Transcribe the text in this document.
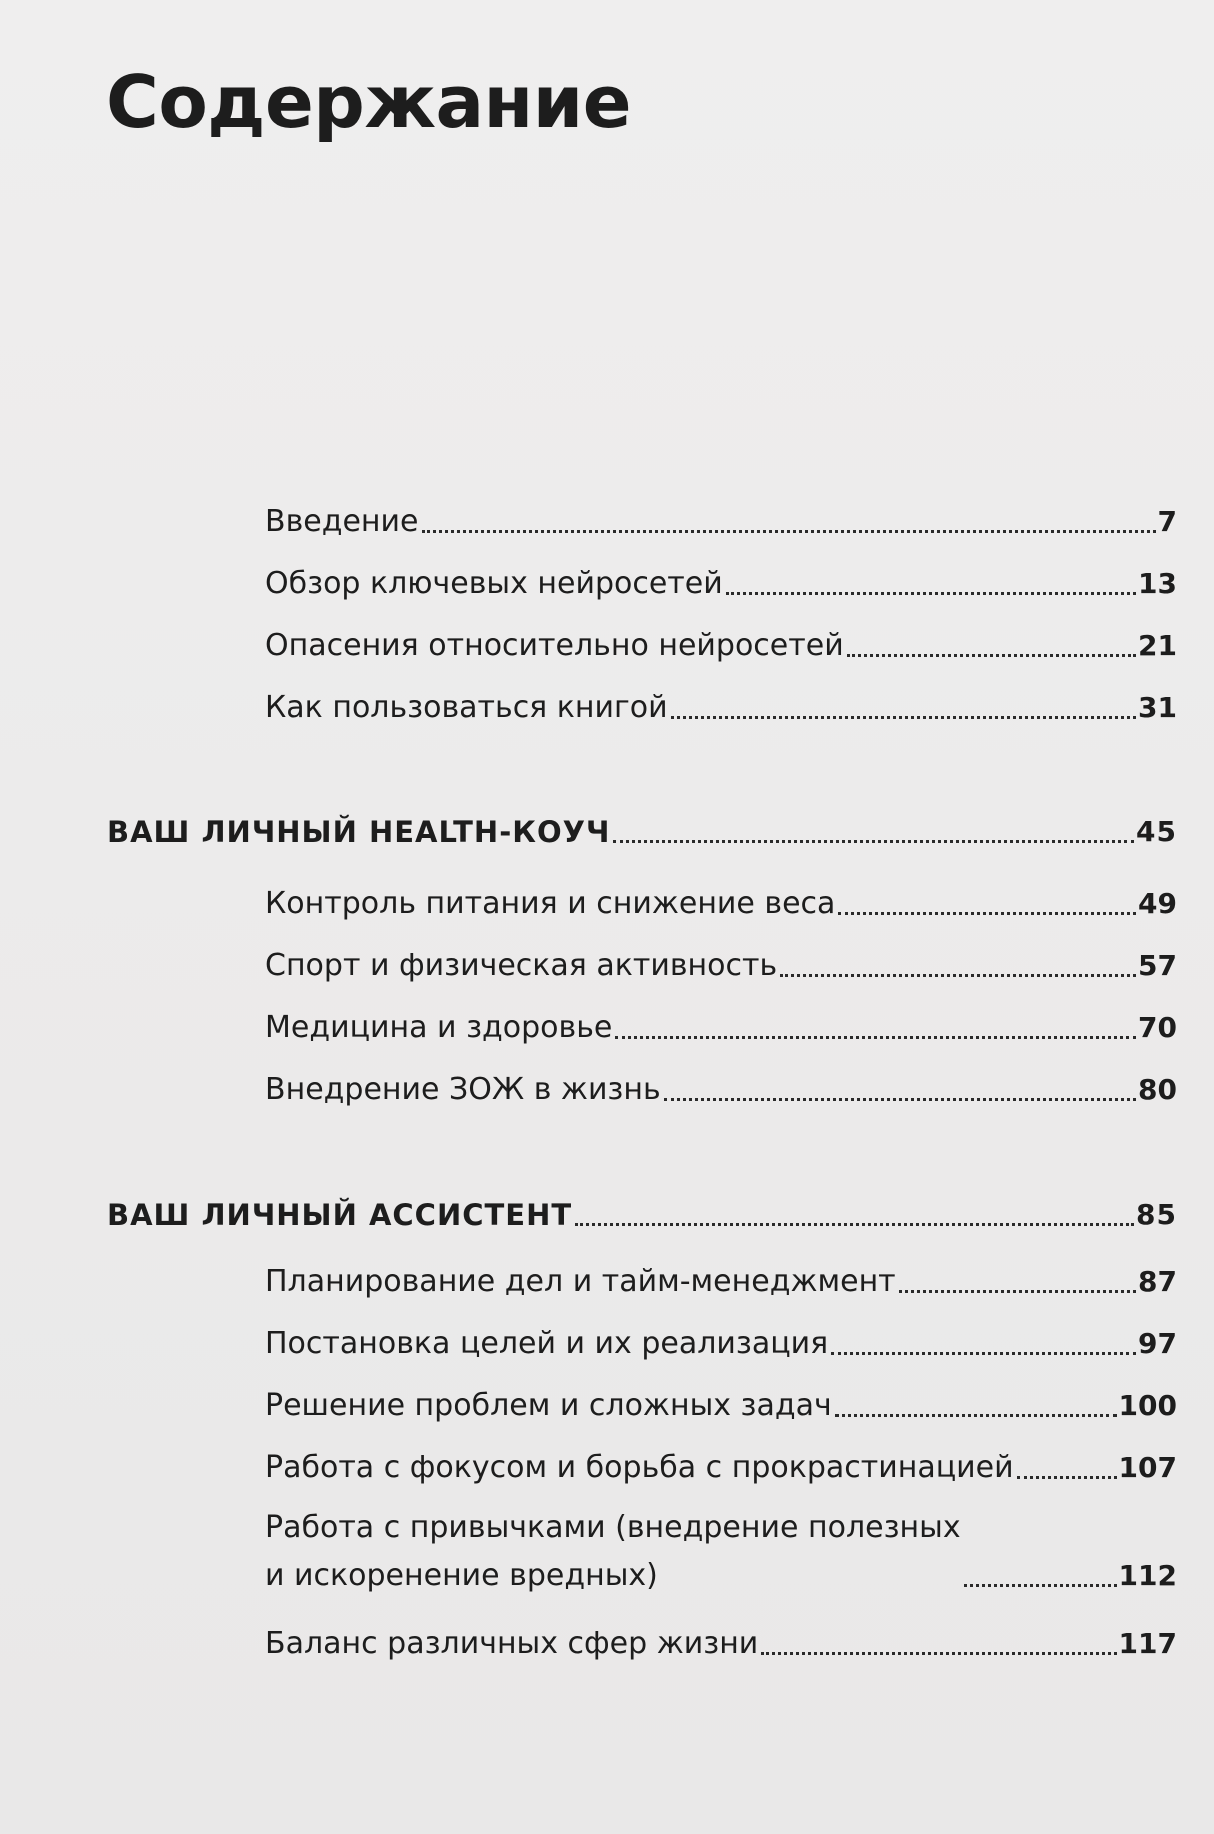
Содержание
Введение	7
Обзор ключевых нейросетей	13
Опасения относительно нейросетей	21
Как пользоваться книгой	31
ВАШ ЛИЧНЫЙ HEALTH-КОУЧ	45
Контроль питания и снижение веса	49
Спорт и физическая активность	57
Медицина и здоровье	70
Внедрение ЗОЖ в жизнь	80
ВАШ ЛИЧНЫЙ АССИСТЕНТ	85
Планирование дел и тайм-менеджмент	87
Постановка целей и их реализация	97
Решение проблем и сложных задач	100
Работа с фокусом и борьба с прокрастинацией	107
Работа с привычками (внедрение полезных
и искоренение вредных)	112
Баланс различных сфер жизни	117
